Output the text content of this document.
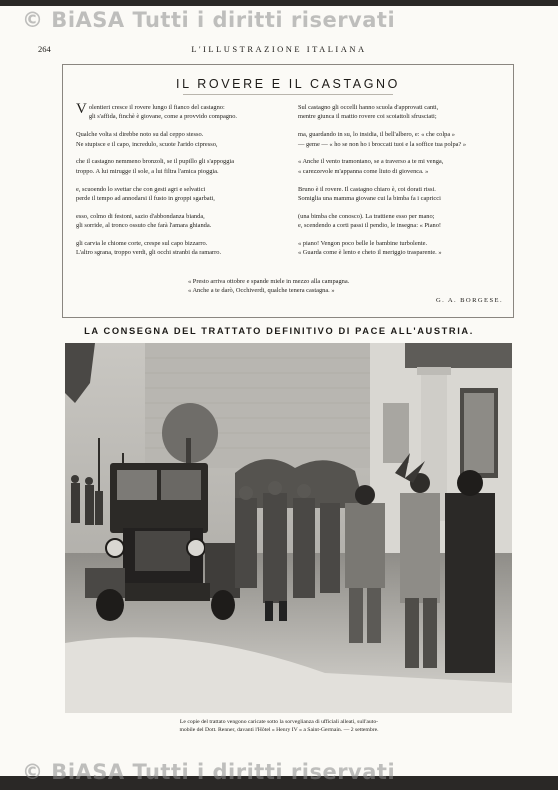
© BiASA Tutti i diritti riservati
264	L'ILLUSTRAZIONE ITALIANA
IL ROVERE E IL CASTAGNO
V olentieri cresce il rovere lungo il fianco del castagno:
gli s'affida, finchè è giovane, come a provvido compagno.
Qualche volta si direbbe noto su dal ceppo stesso.
Ne stupisce e il capo, incredulo, scuote l'arido cipresso,
che il castagno nemmeno bronzoli, se il pupillo gli s'appoggia
troppo. A lui mirugge il sole, a lui filtra l'amica pioggia.
e, scuoendo lo svettar che con gesti agri e selvatici
perde il tempo ad annodarsi il fusto in groppi sgarbati,
esso, colmo di festoni, sazio d'abbondanza bianda,
gli sorride, al tronco ossuto che farà l'amara ghianda.
gli carvia le chiome corte, crespe sul capo bizzarro.
L'altro sgrana, troppo verdi, gli occhi stranbi da ramarro.
Sul castagno gli occelli hanno scuola d'approvati canti,
mentre giunca il mattio rovere coi scoiattoli sfrusciati;
ma, guardando in su, lo insidia, il bell'albero, e: « che colpa »
— geme — « ho se non ho i broccati tuoi e la soffice tua polpa? »
« Anche il vento tramontano, se a traverso a te mi venga,
« carezzevole m'appanna come liuto di giovenca. »
Bruno è il rovere. Il castagno chiaro è, coi dorati rissi.
Somiglia una mamma giovane cui la bimba fa i capricci
(una bimba che conosco). La trattiene esso per mano;
e, scendendo a corti passi il pendio, le insegna: « Piano!
« piano! Vengon poco belle le bambine turbolente.
« Guarda come è lento e cheto il meriggio trasparente. »
« Presto arriva ottobre e spande miele in mezzo alla campagna.
« Anche a te darò, Occhiverdi, qualche tenera castagna. »
G. A. BORGESE.
LA CONSEGNA DEL TRATTATO DEFINITIVO DI PACE ALL'AUSTRIA.
Le copie del trattato vengono caricate sotto la sorveglianza di ufficiali alleati, sull'auto-
mobile del Dott. Renner, davanti l'Hôtel « Henry IV » a Saint-Germain. — 2 settembre.
© BiASA Tutti i diritti riservati
